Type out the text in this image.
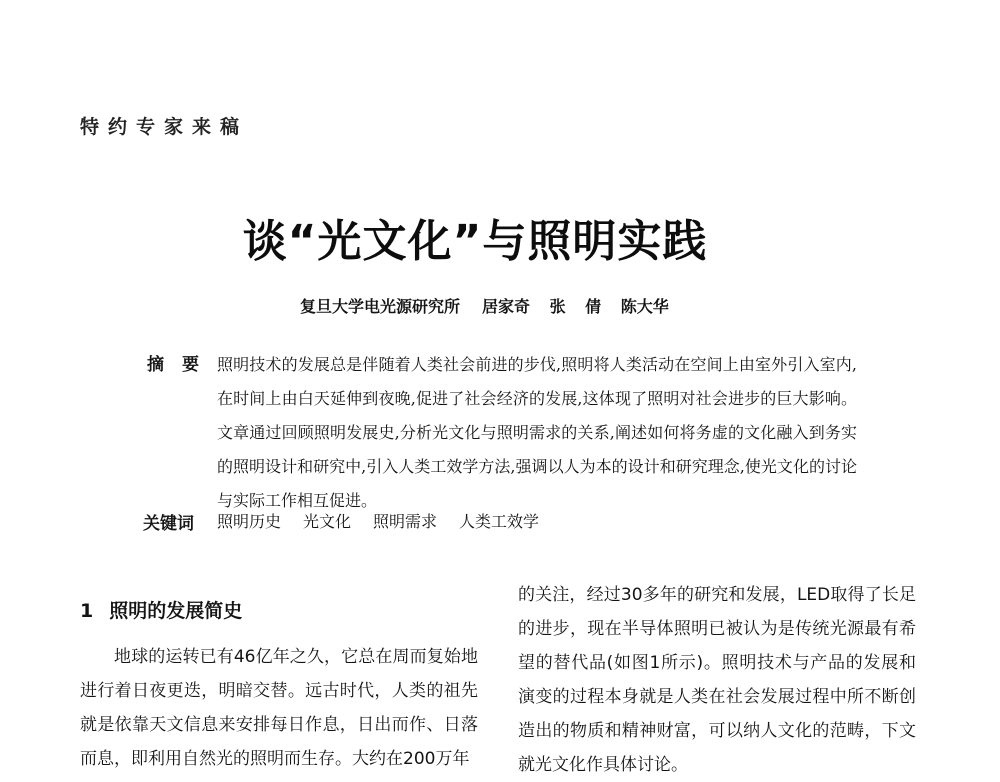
特约专家来稿
谈“光文化”与照明实践
复旦大学电光源研究所 居家奇 张 倩 陈大华
摘要 照明技术的发展总是伴随着人类社会前进的步伐,照明将人类活动在空间上由室外引入室内,在时间上由白天延伸到夜晚,促进了社会经济的发展,这体现了照明对社会进步的巨大影响。文章通过回顾照明发展史,分析光文化与照明需求的关系,阐述如何将务虚的文化融入到务实的照明设计和研究中,引入人类工效学方法,强调以人为本的设计和研究理念,使光文化的讨论与实际工作相互促进。
关键词 照明历史 光文化 照明需求 人类工效学
1 照明的发展简史
地球的运转已有46亿年之久，它总在周而复始地进行着日夜更迭，明暗交替。远古时代，人类的祖先就是依靠天文信息来安排每日作息，日出而作、日落而息，即利用自然光的照明而生存。大约在200万年
的关注，经过30多年的研究和发展，LED取得了长足的进步，现在半导体照明已被认为是传统光源最有希望的替代品(如图1所示)。照明技术与产品的发展和演变的过程本身就是人类在社会发展过程中所不断创造出的物质和精神财富，可以纳人文化的范畴，下文就光文化作具体讨论。
